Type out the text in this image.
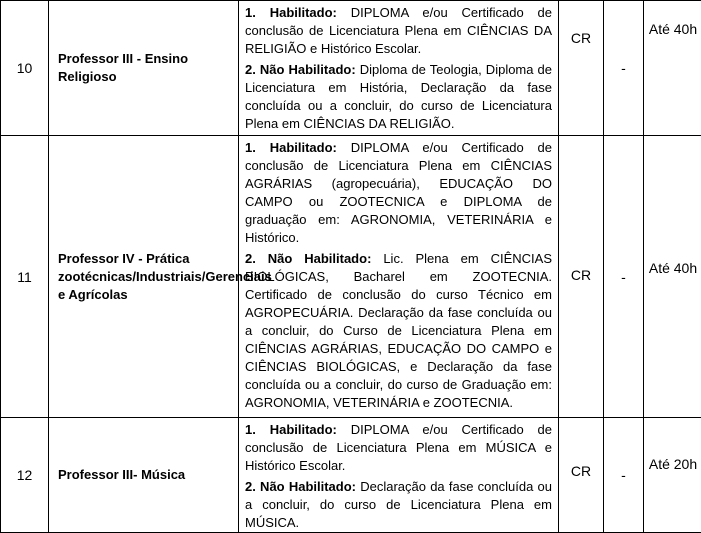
10	Professor III - Ensino Religioso	1. Habilitado: DIPLOMA e/ou Certificado de conclusão de Licenciatura Plena em CIÊNCIAS DA RELIGIÃO e Histórico Escolar.

2. Não Habilitado: Diploma de Teologia, Diploma de Licenciatura em História, Declaração da fase concluída ou a concluir, do curso de Licenciatura Plena em CIÊNCIAS DA RELIGIÃO.	CR	-	Até 40h
11	Professor IV - Prática zootécnicas/Industriais/Gerenciais e Agrícolas	1. Habilitado: DIPLOMA e/ou Certificado de conclusão de Licenciatura Plena em CIÊNCIAS AGRÁRIAS (agropecuária), EDUCAÇÃO DO CAMPO ou ZOOTECNICA e DIPLOMA de graduação em: AGRONOMIA, VETERINÁRIA e Histórico.

2. Não Habilitado: Lic. Plena em CIÊNCIAS BIOLÓGICAS, Bacharel em ZOOTECNIA. Certificado de conclusão do curso Técnico em AGROPECUÁRIA. Declaração da fase concluída ou a concluir, do Curso de Licenciatura Plena em CIÊNCIAS AGRÁRIAS, EDUCAÇÃO DO CAMPO e CIÊNCIAS BIOLÓGICAS, e Declaração da fase concluída ou a concluir, do curso de Graduação em: AGRONOMIA, VETERINÁRIA e ZOOTECNIA.	CR	-	Até 40h
12	Professor III- Música	1. Habilitado: DIPLOMA e/ou Certificado de conclusão de Licenciatura Plena em MÚSICA e Histórico Escolar.

2. Não Habilitado: Declaração da fase concluída ou a concluir, do curso de Licenciatura Plena em MÚSICA.	CR	-	Até 20h
